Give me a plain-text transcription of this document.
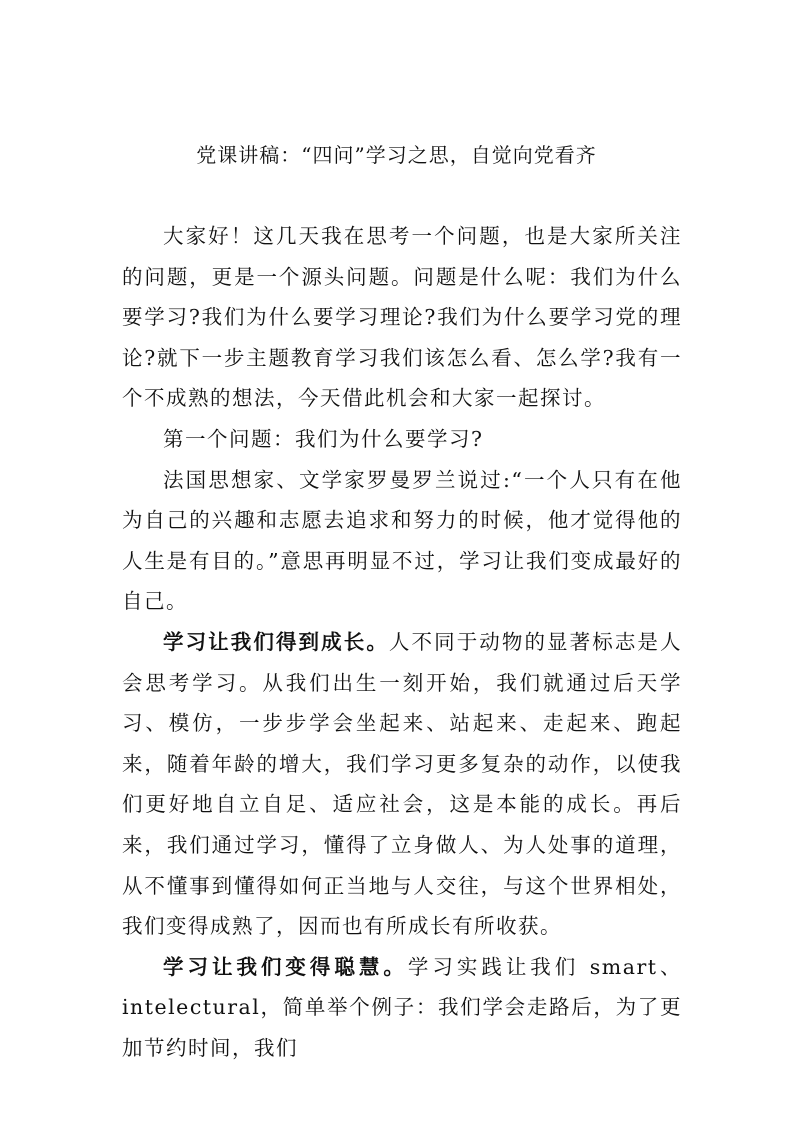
党课讲稿：“四问”学习之思，自觉向党看齐

大家好！这几天我在思考一个问题，也是大家所关注的问题，更是一个源头问题。问题是什么呢：我们为什么要学习?我们为什么要学习理论?我们为什么要学习党的理论?就下一步主题教育学习我们该怎么看、怎么学?我有一个不成熟的想法，今天借此机会和大家一起探讨。

第一个问题：我们为什么要学习?

法国思想家、文学家罗曼罗兰说过:“一个人只有在他为自己的兴趣和志愿去追求和努力的时候，他才觉得他的人生是有目的。”意思再明显不过，学习让我们变成最好的自己。

学习让我们得到成长。人不同于动物的显著标志是人会思考学习。从我们出生一刻开始，我们就通过后天学习、模仿，一步步学会坐起来、站起来、走起来、跑起来，随着年龄的增大，我们学习更多复杂的动作，以使我们更好地自立自足、适应社会，这是本能的成长。再后来，我们通过学习，懂得了立身做人、为人处事的道理，从不懂事到懂得如何正当地与人交往，与这个世界相处，我们变得成熟了，因而也有所成长有所收获。

学习让我们变得聪慧。学习实践让我们 smart、intelectural，简单举个例子：我们学会走路后，为了更加节约时间，我们
